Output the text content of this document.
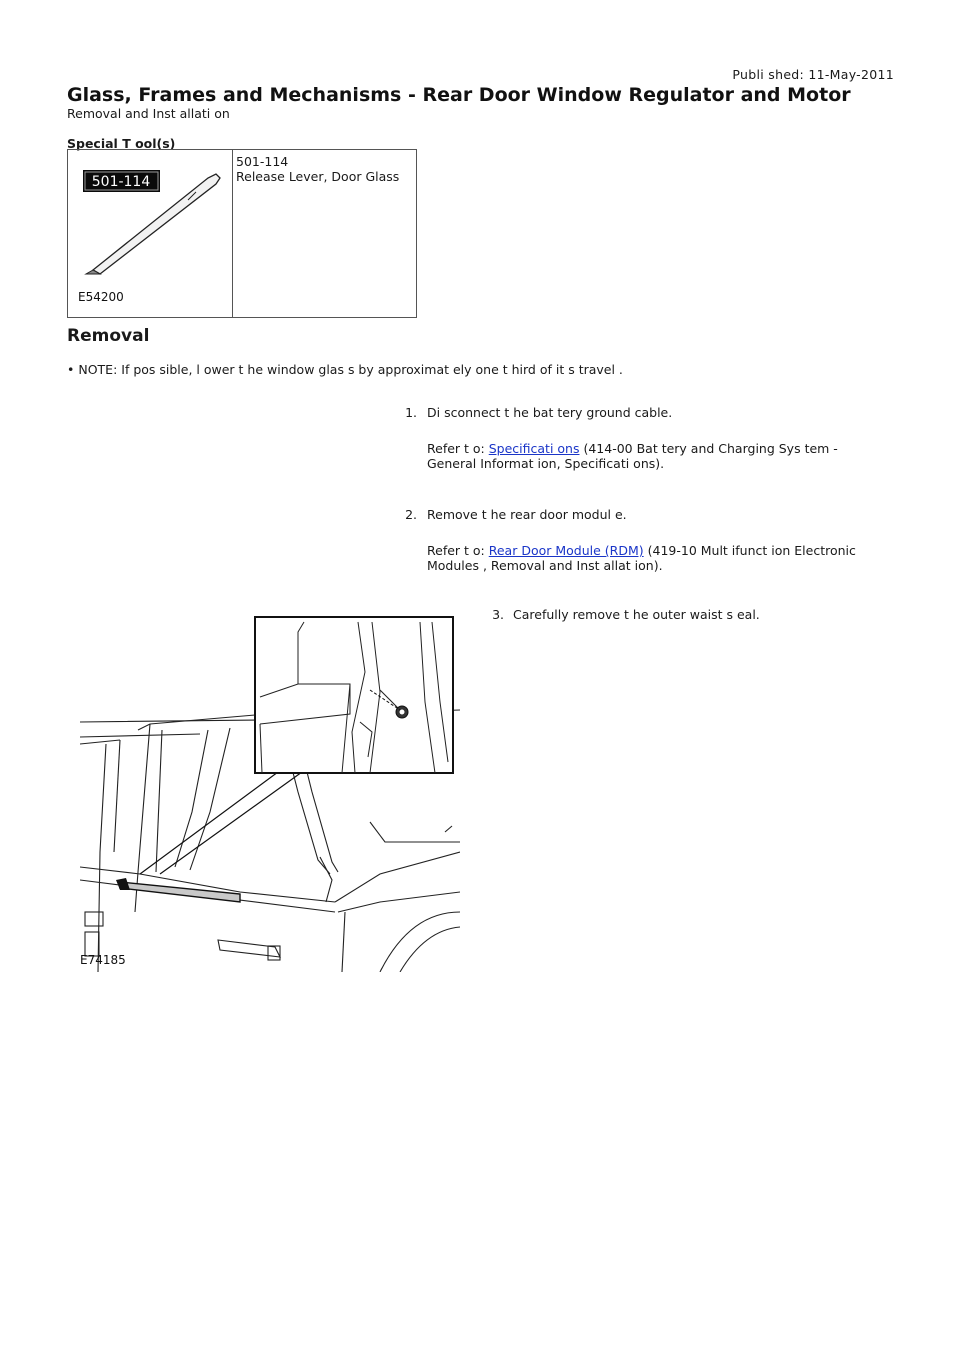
Publi shed: 11-May-2011
Glass, Frames and Mechanisms - Rear Door Window Regulator and Motor
Removal and Inst allati on
Special T ool(s)
501-114
E54200

501-114
Release Lever, Door Glass
Removal
• NOTE: If pos sible, l ower t he window glas s by approximat ely one t hird of it s travel .
1. Di sconnect t he bat tery ground cable.
Refer t o: Specificati ons (414-00 Bat tery and Charging Sys tem - General Informat ion, Specificati ons).
2. Remove t he rear door modul e.
Refer t o: Rear Door Module (RDM) (419-10 Mult ifunct ion Electronic Modules , Removal and Inst allat ion).
3. Carefully remove t he outer waist s eal.
E74185
